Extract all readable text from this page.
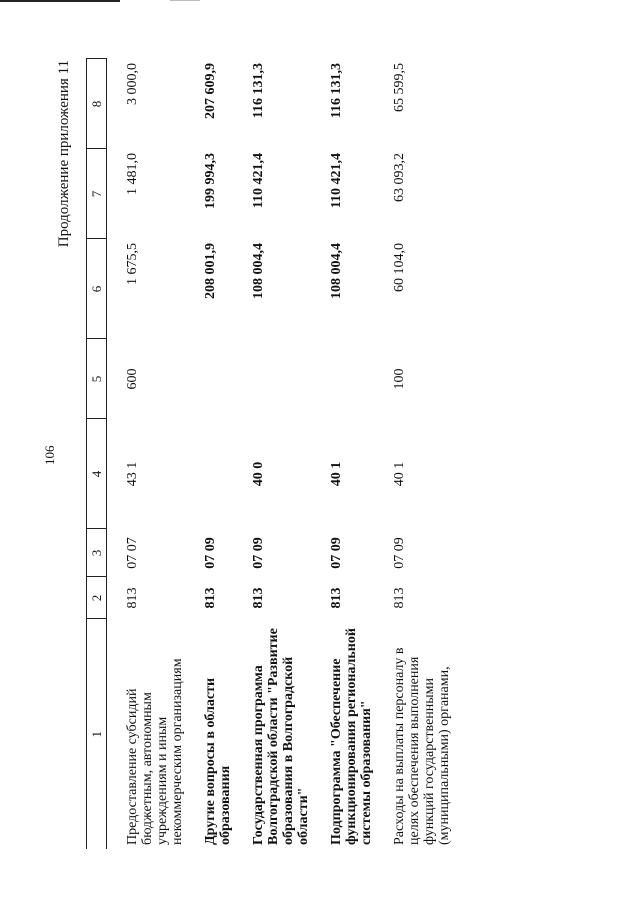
106
Продолжение приложения 11
1	2	3	4	5	6	7	8
Предоставление субсидий бюджетным, автономным учреждениям и иным некоммерческим организациям	813	07 07	43 1	600	1 675,5	1 481,0	3 000,0
Другие вопросы в области образования	813	07 09			208 001,9	199 994,3	207 609,9
Государственная программа Волгоградской области "Развитие образования в Волгоградской области"	813	07 09	40 0		108 004,4	110 421,4	116 131,3
Подпрограмма "Обеспечение функционирования региональной системы образования"	813	07 09	40 1		108 004,4	110 421,4	116 131,3
Расходы на выплаты персоналу в целях обеспечения выполнения функций государственными (муниципальными) органами,	813	07 09	40 1	100	60 104,0	63 093,2	65 599,5
